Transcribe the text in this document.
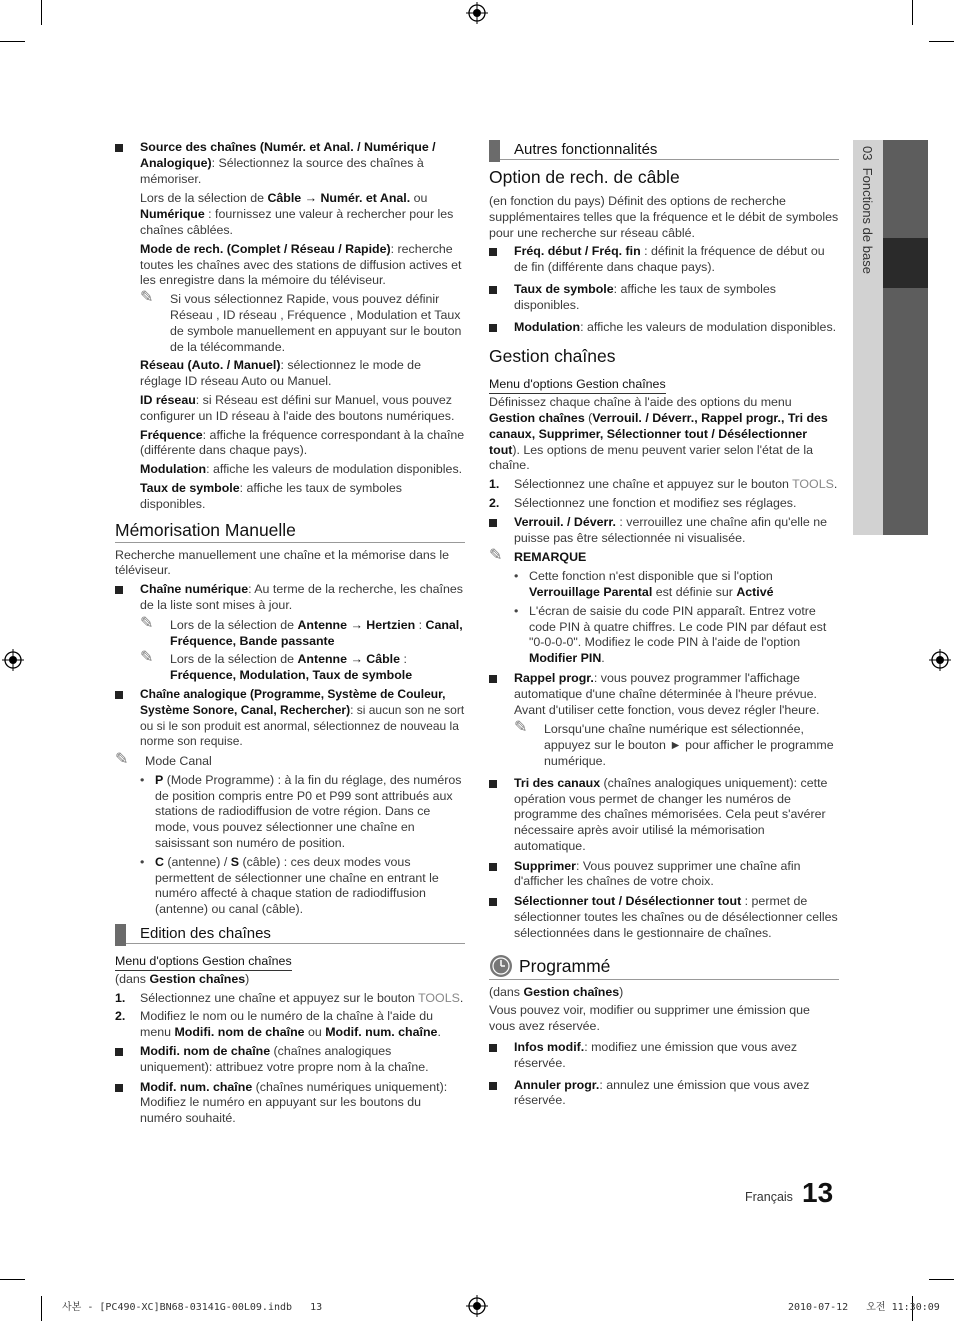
03  Fonctions de base
Source des chaînes (Numér. et Anal. / Numérique / Analogique): Sélectionnez la source des chaînes à mémoriser.

Lors de la sélection de Câble → Numér. et Anal. ou Numérique : fournissez une valeur à rechercher pour les chaînes câblées.

Mode de rech. (Complet / Réseau / Rapide): recherche toutes les chaînes avec des stations de diffusion actives et les enregistre dans la mémoire du téléviseur.

✎ Si vous sélectionnez Rapide, vous pouvez définir Réseau , ID réseau , Fréquence , Modulation et Taux de symbole manuellement en appuyant sur le bouton de la télécommande.

Réseau (Auto. / Manuel): sélectionnez le mode de réglage ID réseau Auto ou Manuel.

ID réseau: si Réseau est défini sur Manuel, vous pouvez configurer un ID réseau à l'aide des boutons numériques.

Fréquence: affiche la fréquence correspondant à la chaîne (différente dans chaque pays).

Modulation: affiche les valeurs de modulation disponibles.

Taux de symbole: affiche les taux de symboles disponibles.

Mémorisation Manuelle

Recherche manuellement une chaîne et la mémorise dans le téléviseur.

Chaîne numérique: Au terme de la recherche, les chaînes de la liste sont mises à jour.
✎ Lors de la sélection de Antenne → Hertzien : Canal, Fréquence, Bande passante
✎ Lors de la sélection de Antenne → Câble : Fréquence, Modulation, Taux de symbole
Chaîne analogique (Programme, Système de Couleur, Système Sonore, Canal, Rechercher): si aucun son ne sort ou si le son produit est anormal, sélectionnez de nouveau la norme son requise.
✎ Mode Canal
• P (Mode Programme) : à la fin du réglage, des numéros de position compris entre P0 et P99 sont attribués aux stations de radiodiffusion de votre région. Dans ce mode, vous pouvez sélectionner une chaîne en saisissant son numéro de position.
• C (antenne) / S (câble) : ces deux modes vous permettent de sélectionner une chaîne en entrant le numéro affecté à chaque station de radiodiffusion (antenne) ou canal (câble).
Edition des chaînes
Menu d'options Gestion chaînes

(dans Gestion chaînes)

1. Sélectionnez une chaîne et appuyez sur le bouton TOOLS.
2. Modifiez le nom ou le numéro de la chaîne à l'aide du menu Modifi. nom de chaîne ou Modif. num. chaîne.
Modifi. nom de chaîne (chaînes analogiques uniquement): attribuez votre propre nom à la chaîne.
Modif. num. chaîne (chaînes numériques uniquement): Modifiez le numéro en appuyant sur les boutons du numéro souhaité.
Autres fonctionnalités
Option de rech. de câble

(en fonction du pays) Définit des options de recherche supplémentaires telles que la fréquence et le débit de symboles pour une recherche sur réseau câblé.

Fréq. début / Fréq. fin : définit la fréquence de début ou de fin (différente dans chaque pays).
Taux de symbole: affiche les taux de symboles disponibles.
Modulation: affiche les valeurs de modulation disponibles.
Gestion chaînes
Menu d'options Gestion chaînes

Définissez chaque chaîne à l'aide des options du menu Gestion chaînes (Verrouil. / Déverr., Rappel progr., Tri des canaux, Supprimer, Sélectionner tout / Désélectionner tout). Les options de menu peuvent varier selon l'état de la chaîne.

1. Sélectionnez une chaîne et appuyez sur le bouton TOOLS.
2. Sélectionnez une fonction et modifiez ses réglages.
Verrouil. / Déverr. : verrouillez une chaîne afin qu'elle ne puisse pas être sélectionnée ni visualisée.
✎ REMARQUE
• Cette fonction n'est disponible que si l'option Verrouillage Parental est définie sur Activé
• L'écran de saisie du code PIN apparaît. Entrez votre code PIN à quatre chiffres. Le code PIN par défaut est "0-0-0-0". Modifiez le code PIN à l'aide de l'option Modifier PIN.
Rappel progr.: vous pouvez programmer l'affichage automatique d'une chaîne déterminée à l'heure prévue. Avant d'utiliser cette fonction, vous devez régler l'heure.
✎ Lorsqu'une chaîne numérique est sélectionnée, appuyez sur le bouton ► pour afficher le programme numérique.
Tri des canaux (chaînes analogiques uniquement): cette opération vous permet de changer les numéros de programme des chaînes mémorisées. Cela peut s'avérer nécessaire après avoir utilisé la mémorisation automatique.
Supprimer: Vous pouvez supprimer une chaîne afin d'afficher les chaînes de votre choix.
Sélectionner tout / Désélectionner tout : permet de sélectionner toutes les chaînes ou de désélectionner celles sélectionnées dans le gestionnaire de chaînes.
Programmé

(dans Gestion chaînes)

Vous pouvez voir, modifier ou supprimer une émission que vous avez réservée.

Infos modif.: modifiez une émission que vous avez réservée.
Annuler progr.: annulez une émission que vous avez réservée.
Français 13
사본 - [PC490-XC]BN68-03141G-00L09.indb   13	2010-07-12   오전 11:30:09
